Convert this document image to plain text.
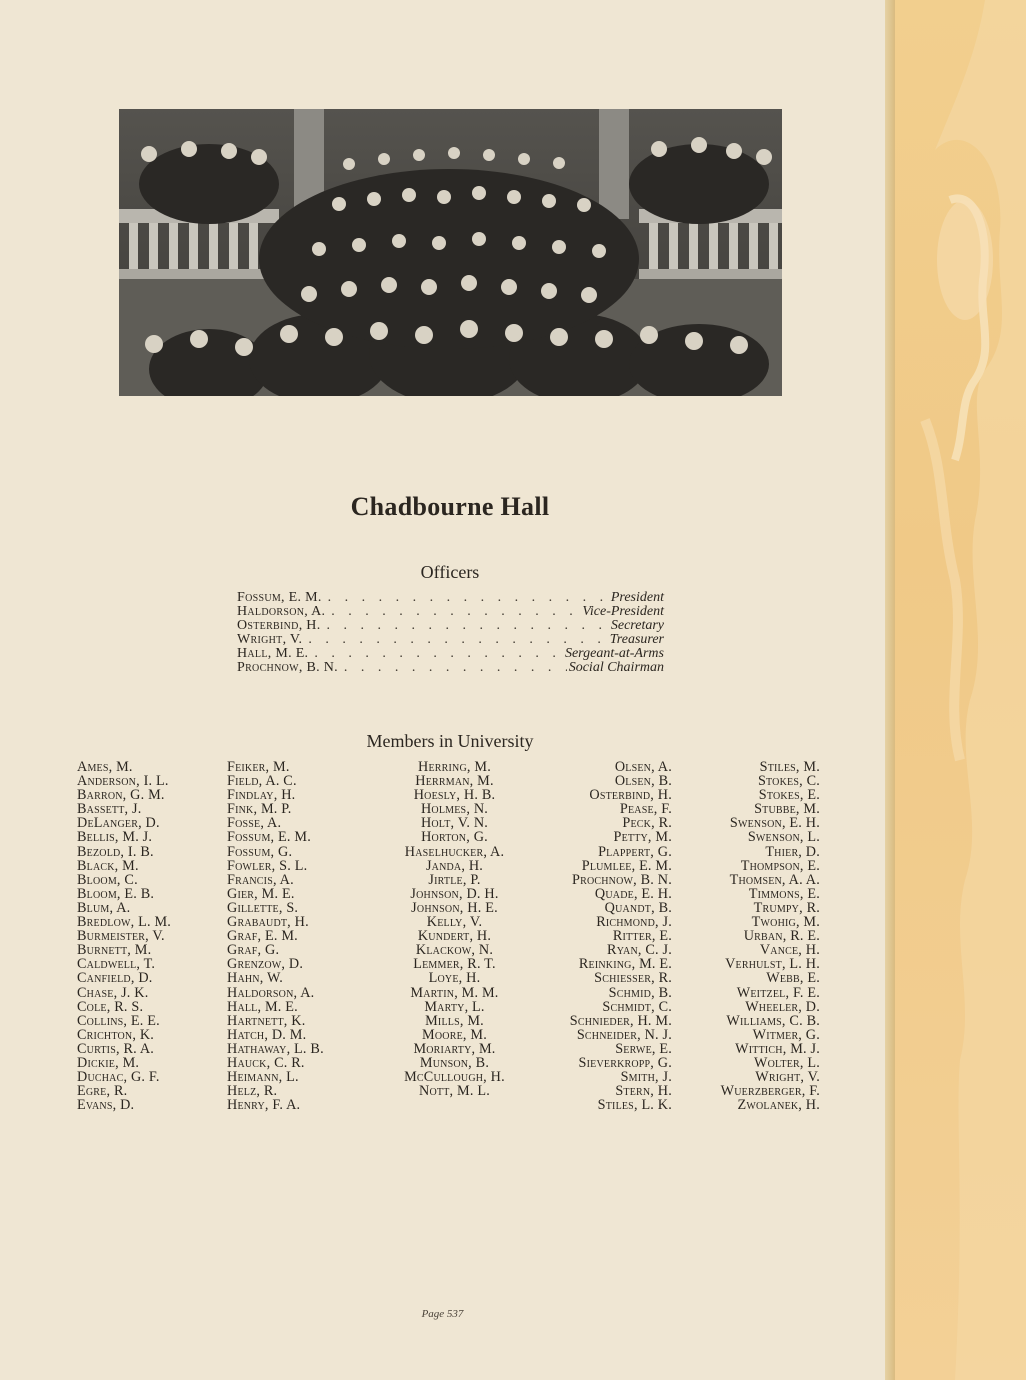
Chadbourne Hall
Officers
Fossum, E. M. . . .	President
Haldorson, A. . . .	Vice-President
Osterbind, H. . . .	Secretary
Wright, V. . . .	Treasurer
Hall, M. E. . . .	Sergeant-at-Arms
Prochnow, B. N. . . .	Social Chairman
Members in University
Ames, M.
Anderson, I. L.
Barron, G. M.
Bassett, J.
DeLanger, D.
Bellis, M. J.
Bezold, I. B.
Black, M.
Bloom, C.
Bloom, E. B.
Blum, A.
Bredlow, L. M.
Burmeister, V.
Burnett, M.
Caldwell, T.
Canfield, D.
Chase, J. K.
Cole, R. S.
Collins, E. E.
Crichton, K.
Curtis, R. A.
Dickie, M.
Duchac, G. F.
Egre, R.
Evans, D.
Feiker, M.
Field, A. C.
Findlay, H.
Fink, M. P.
Fosse, A.
Fossum, E. M.
Fossum, G.
Fowler, S. L.
Francis, A.
Gier, M. E.
Gillette, S.
Grabaudt, H.
Graf, E. M.
Graf, G.
Grenzow, D.
Hahn, W.
Haldorson, A.
Hall, M. E.
Hartnett, K.
Hatch, D. M.
Hathaway, L. B.
Hauck, C. R.
Heimann, L.
Helz, R.
Henry, F. A.
Herring, M.
Herrman, M.
Hoesly, H. B.
Holmes, N.
Holt, V. N.
Horton, G.
Haselhucker, A.
Janda, H.
Jirtle, P.
Johnson, D. H.
Johnson, H. E.
Kelly, V.
Kundert, H.
Klackow, N.
Lemmer, R. T.
Loye, H.
Martin, M. M.
Marty, L.
Mills, M.
Moore, M.
Moriarty, M.
Munson, B.
McCullough, H.
Nott, M. L.
Olsen, A.
Olsen, B.
Osterbind, H.
Pease, F.
Peck, R.
Petty, M.
Plappert, G.
Plumlee, E. M.
Prochnow, B. N.
Quade, E. H.
Quandt, B.
Richmond, J.
Ritter, E.
Ryan, C. J.
Reinking, M. E.
Schiesser, R.
Schmid, B.
Schmidt, C.
Schnieder, H. M.
Schneider, N. J.
Serwe, E.
Sieverkropp, G.
Smith, J.
Stern, H.
Stiles, L. K.
Stiles, M.
Stokes, C.
Stokes, E.
Stubbe, M.
Swenson, E. H.
Swenson, L.
Thier, D.
Thompson, E.
Thomsen, A. A.
Timmons, E.
Trumpy, R.
Twohig, M.
Urban, R. E.
Vance, H.
Verhulst, L. H.
Webb, E.
Weitzel, F. E.
Wheeler, D.
Williams, C. B.
Witmer, G.
Wittich, M. J.
Wolter, L.
Wright, V.
Wuerzberger, F.
Zwolanek, H.
Page 537
